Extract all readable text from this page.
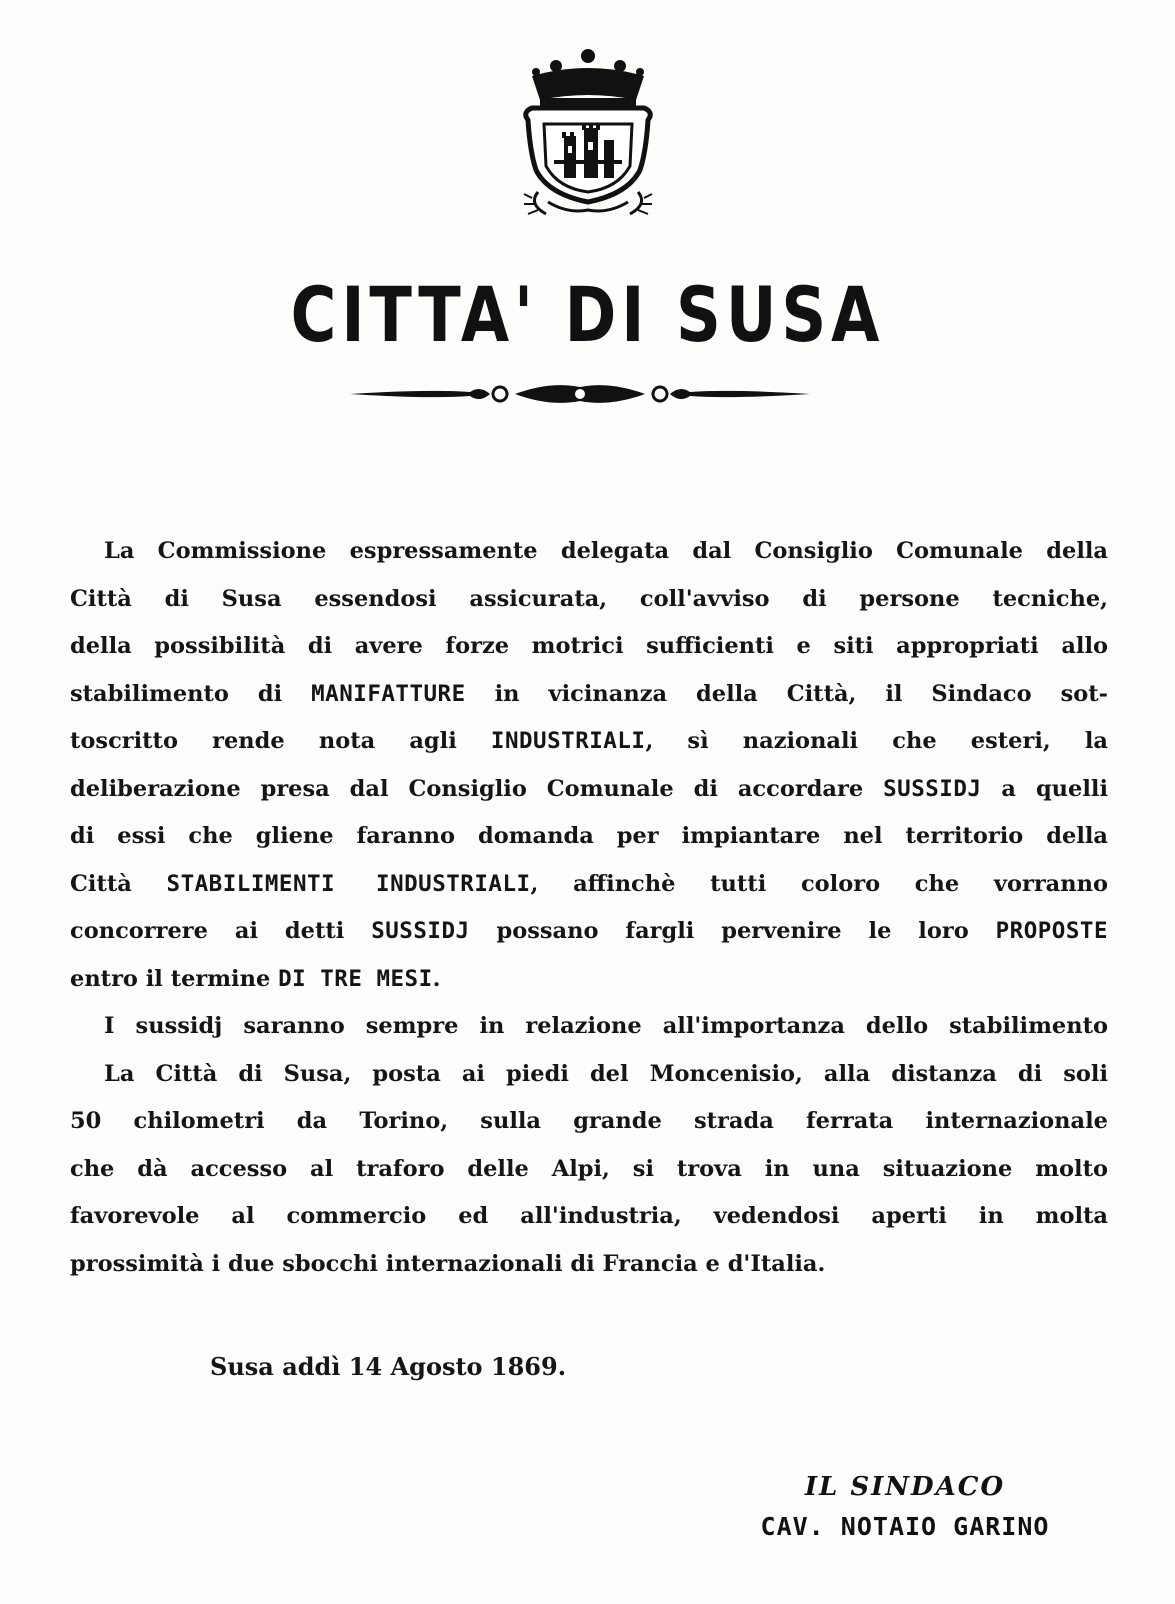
CITTA' DI SUSA
La Commissione espressamente delegata dal Consiglio Comunale della
Città di Susa essendosi assicurata, coll'avviso di persone tecniche,
della possibilità di avere forze motrici sufficienti e siti appropriati allo
stabilimento di MANIFATTURE in vicinanza della Città, il Sindaco sot-
toscritto rende nota agli INDUSTRIALI, sì nazionali che esteri, la
deliberazione presa dal Consiglio Comunale di accordare SUSSIDJ a quelli
di essi che gliene faranno domanda per impiantare nel territorio della
Città STABILIMENTI INDUSTRIALI, affinchè tutti coloro che vorranno
concorrere ai detti SUSSIDJ possano fargli pervenire le loro PROPOSTE
entro il termine DI TRE MESI.
I sussidj saranno sempre in relazione all'importanza dello stabilimento
La Città di Susa, posta ai piedi del Moncenisio, alla distanza di soli
50 chilometri da Torino, sulla grande strada ferrata internazionale
che dà accesso al traforo delle Alpi, si trova in una situazione molto
favorevole al commercio ed all'industria, vedendosi aperti in molta
prossimità i due sbocchi internazionali di Francia e d'Italia.
Susa addì 14 Agosto 1869.
IL SINDACO
CAV. NOTAIO GARINO
